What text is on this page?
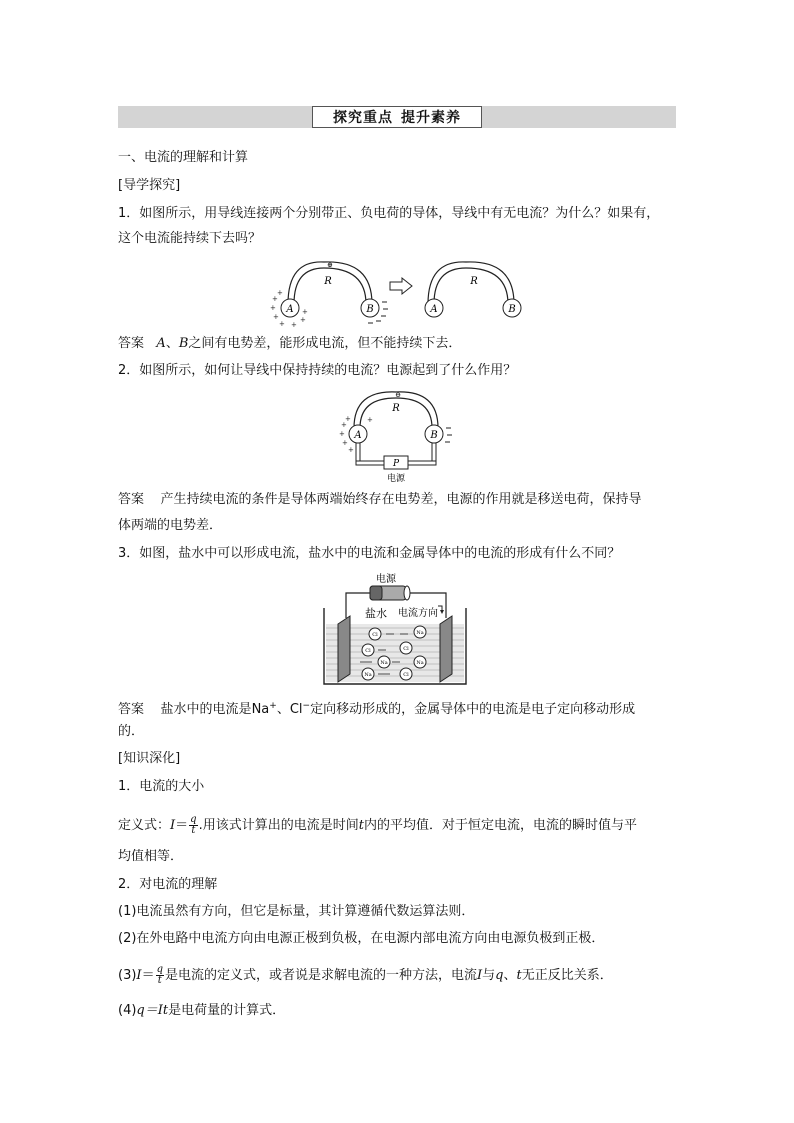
探究重点 提升素养
一、电流的理解和计算
[导学探究]
1．如图所示，用导线连接两个分别带正、负电荷的导体，导线中有无电流？为什么？如果有，
这个电流能持续下去吗？
⊕
R
A
+
+
+
+ +
+
+
+	B
R
A	B
答案 A、B之间有电势差，能形成电流，但不能持续下去．
2．如图所示，如何让导线中保持持续的电流？电源起到了什么作用？
⊖
R
A
+
+
+
+
+
+
B
P
电源
答案 产生持续电流的条件是导体两端始终存在电势差，电源的作用就是移送电荷，保持导
体两端的电势差．
3．如图，盐水中可以形成电流，盐水中的电流和金属导体中的电流的形成有什么不同？
电源
盐水 电流方向
Cl	Na
Cl	Cl
Na	Na
Cl
Na
答案 盐水中的电流是Na+、Cl−定向移动形成的，金属导体中的电流是电子定向移动形成
的．
[知识深化]
1．电流的大小
定义式：$I= \frac{q}{t}$ .用该式计算出的电流是时间t内的平均值．对于恒定电流，电流的瞬时值与平
均值相等．
2．对电流的理解
(1)电流虽然有方向，但它是标量，其计算遵循代数运算法则．
(2)在外电路中电流方向由电源正极到负极，在电源内部电流方向由电源负极到正极．
$(3)I= \frac{q}{t}$ 是电流的定义式，或者说是求解电流的一种方法，电流I与q、t无正反比关系．
(4)q＝It是电荷量的计算式．
